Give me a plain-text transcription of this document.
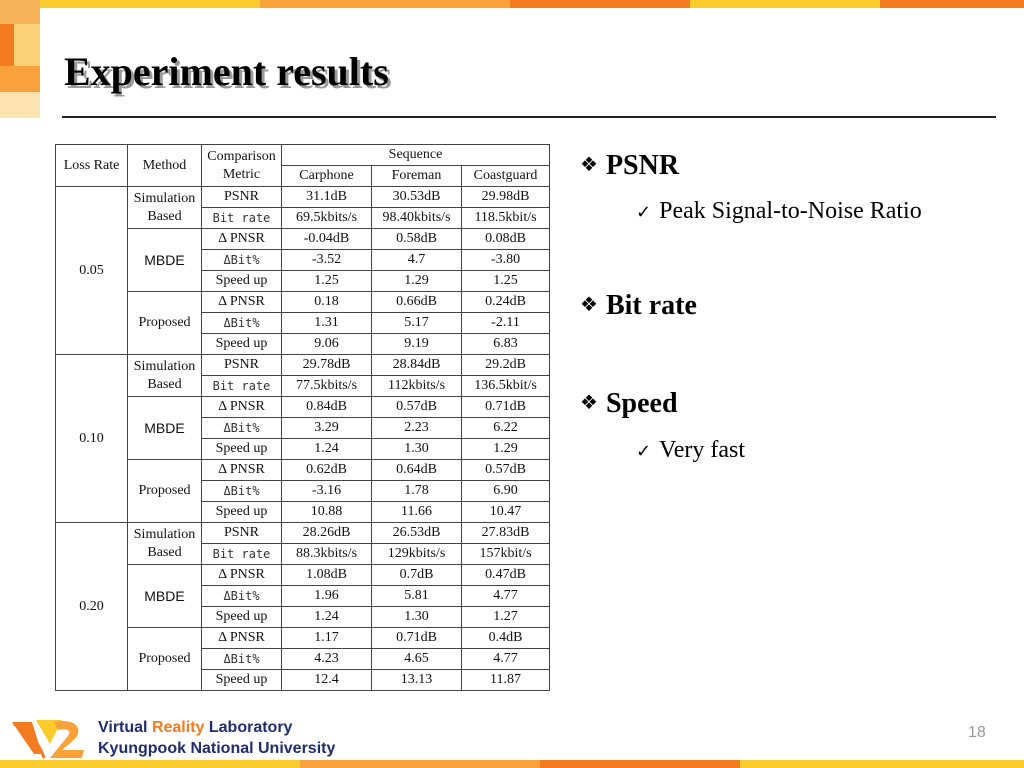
Experiment results
Loss Rate	Method	Comparison Metric	Sequence		
			Carphone	Foreman	Coastguard
0.05	Simulation Based	PSNR	31.1dB	30.53dB	29.98dB
		Bit rate	69.5kbits/s	98.40kbits/s	118.5kbit/s
	MBDE	Δ PNSR	-0.04dB	0.58dB	0.08dB
		ΔBit%	-3.52	4.7	-3.80
		Speed up	1.25	1.29	1.25
	Proposed	Δ PNSR	0.18	0.66dB	0.24dB
		ΔBit%	1.31	5.17	-2.11
		Speed up	9.06	9.19	6.83
0.10	Simulation Based	PSNR	29.78dB	28.84dB	29.2dB
		Bit rate	77.5kbits/s	112kbits/s	136.5kbit/s
	MBDE	Δ PNSR	0.84dB	0.57dB	0.71dB
		ΔBit%	3.29	2.23	6.22
		Speed up	1.24	1.30	1.29
	Proposed	Δ PNSR	0.62dB	0.64dB	0.57dB
		ΔBit%	-3.16	1.78	6.90
		Speed up	10.88	11.66	10.47
0.20	Simulation Based	PSNR	28.26dB	26.53dB	27.83dB
		Bit rate	88.3kbits/s	129kbits/s	157kbit/s
	MBDE	Δ PNSR	1.08dB	0.7dB	0.47dB
		ΔBit%	1.96	5.81	4.77
		Speed up	1.24	1.30	1.27
	Proposed	Δ PNSR	1.17	0.71dB	0.4dB
		ΔBit%	4.23	4.65	4.77
		Speed up	12.4	13.13	11.87
❖ PSNR
✓ Peak Signal-to-Noise Ratio
❖ Bit rate
❖ Speed
✓ Very fast
Virtual Reality Laboratory
Kyungpook National University
18
